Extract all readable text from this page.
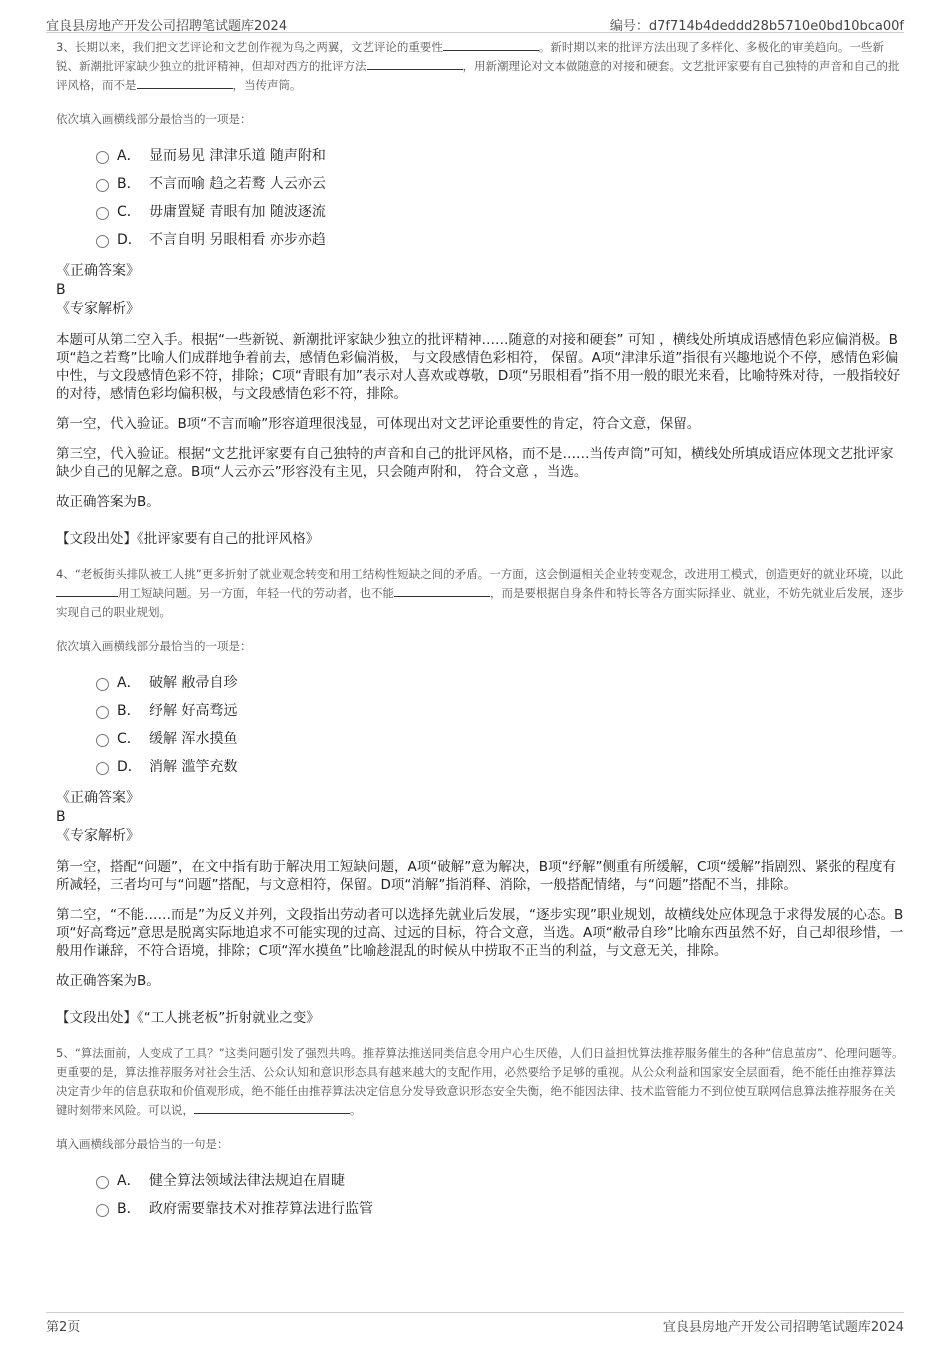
宜良县房地产开发公司招聘笔试题库2024	编号：d7f714b4deddd28b5710e0bd10bca00f
3、长期以来，我们把文艺评论和文艺创作视为鸟之两翼，文艺评论的重要性	。新时期以来的批评方法出现了多样化、多极化的审美趋向。一些新锐、新潮批评家缺少独立的批评精神，但却对西方的批评方法	，用新潮理论对文本做随意的对接和硬套。文艺批评家要有自己独特的声音和自己的批评风格，而不是	，当传声筒。
依次填入画横线部分最恰当的一项是：
A． 显而易见 津津乐道 随声附和
B． 不言而喻 趋之若鹜 人云亦云
C． 毋庸置疑 青眼有加 随波逐流
D． 不言自明 另眼相看 亦步亦趋
《正确答案》
B
《专家解析》
本题可从第二空入手。根据“一些新锐、新潮批评家缺少独立的批评精神……随意的对接和硬套” 可知 ，横线处所填成语感情色彩应偏消极。B项“趋之若鹜”比喻人们成群地争着前去，感情色彩偏消极， 与文段感情色彩相符， 保留。A项“津津乐道”指很有兴趣地说个不停，感情色彩偏中性，与文段感情色彩不符，排除；C项“青眼有加”表示对人喜欢或尊敬，D项“另眼相看”指不用一般的眼光来看，比喻特殊对待，一般指较好的对待，感情色彩均偏积极，与文段感情色彩不符，排除。
第一空，代入验证。B项“不言而喻”形容道理很浅显，可体现出对文艺评论重要性的肯定，符合文意，保留。
第三空，代入验证。根据“文艺批评家要有自己独特的声音和自己的批评风格，而不是……当传声筒”可知，横线处所填成语应体现文艺批评家缺少自己的见解之意。B项“人云亦云”形容没有主见，只会随声附和， 符合文意 ，当选。
故正确答案为B。
【文段出处】《批评家要有自己的批评风格》
4、“老板街头排队被工人挑”更多折射了就业观念转变和用工结构性短缺之间的矛盾。一方面，这会倒逼相关企业转变观念，改进用工模式，创造更好的就业环境，以此用工短缺问题。另一方面，年轻一代的劳动者，也不能	，而是要根据自身条件和特长等各方面实际择业、就业，不妨先就业后发展，逐步实现自己的职业规划。
依次填入画横线部分最恰当的一项是：
A． 破解 敝帚自珍
B． 纾解 好高骛远
C． 缓解 浑水摸鱼
D． 消解 滥竽充数
《正确答案》
B
《专家解析》
第一空，搭配“问题”，在文中指有助于解决用工短缺问题，A项“破解”意为解决，B项“纾解”侧重有所缓解，C项“缓解”指剧烈、紧张的程度有所减轻，三者均可与“问题”搭配，与文意相符，保留。D项“消解”指消释、消除，一般搭配情绪，与“问题”搭配不当，排除。
第二空，“不能……而是”为反义并列，文段指出劳动者可以选择先就业后发展，“逐步实现”职业规划，故横线处应体现急于求得发展的心态。B项“好高骛远”意思是脱离实际地追求不可能实现的过高、过远的目标，符合文意，当选。A项“敝帚自珍”比喻东西虽然不好，自己却很珍惜，一般用作谦辞，不符合语境，排除；C项“浑水摸鱼”比喻趁混乱的时候从中捞取不正当的利益，与文意无关，排除。
故正确答案为B。
【文段出处】《“工人挑老板”折射就业之变》
5、“算法面前，人变成了工具？”这类问题引发了强烈共鸣。推荐算法推送同类信息令用户心生厌倦，人们日益担忧算法推荐服务催生的各种“信息茧房”、伦理问题等。更重要的是，算法推荐服务对社会生活、公众认知和意识形态具有越来越大的支配作用，必然要给予足够的重视。从公众利益和国家安全层面看，绝不能任由推荐算法决定青少年的信息获取和价值观形成，绝不能任由推荐算法决定信息分发导致意识形态安全失衡，绝不能因法律、技术监管能力不到位使互联网信息算法推荐服务在关键时刻带来风险。可以说，	。
填入画横线部分最恰当的一句是：
A． 健全算法领域法律法规迫在眉睫
B． 政府需要靠技术对推荐算法进行监管
第2页	宜良县房地产开发公司招聘笔试题库2024
